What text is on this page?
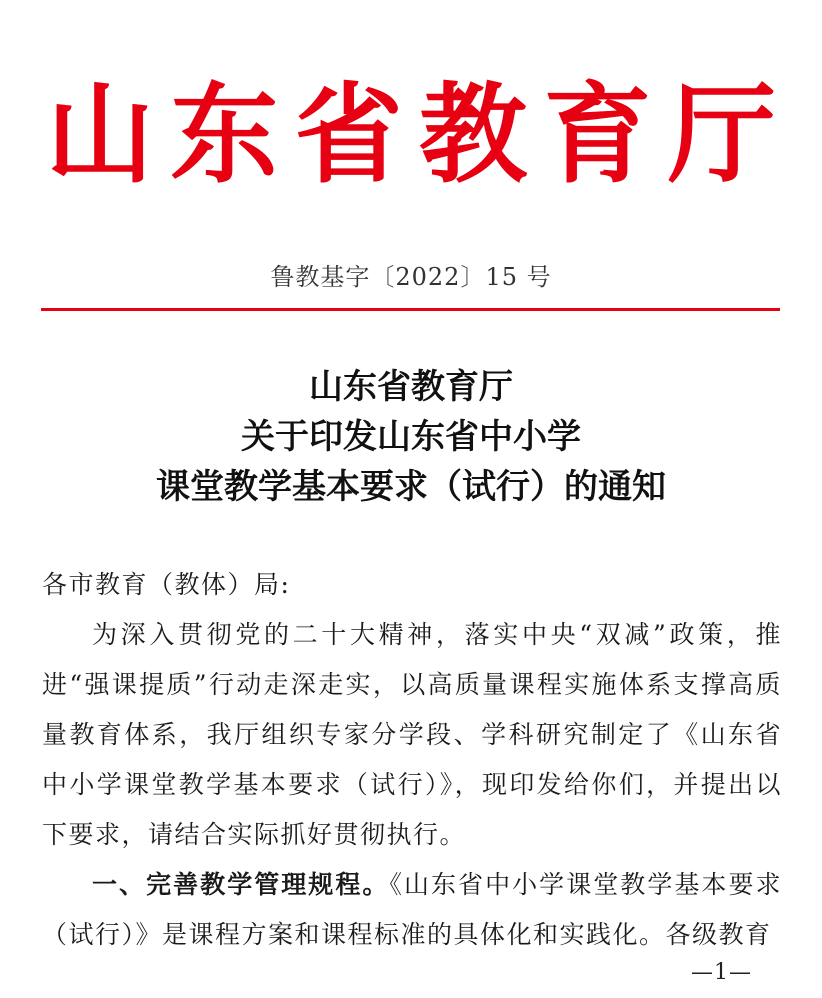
山 东 省 教 育 厅
鲁教基字〔2022〕15 号
山东省教育厅
关于印发山东省中小学
课堂教学基本要求（试行）的通知

各市教育（教体）局:

为深入贯彻党的二十大精神，落实中央“双减”政策，推进“强课提质”行动走深走实，以高质量课程实施体系支撑高质量教育体系，我厅组织专家分学段、学科研究制定了《山东省中小学课堂教学基本要求（试行）》，现印发给你们，并提出以下要求，请结合实际抓好贯彻执行。

一、完善教学管理规程。《山东省中小学课堂教学基本要求（试行）》是课程方案和课程标准的具体化和实践化。各级教育

—1—
